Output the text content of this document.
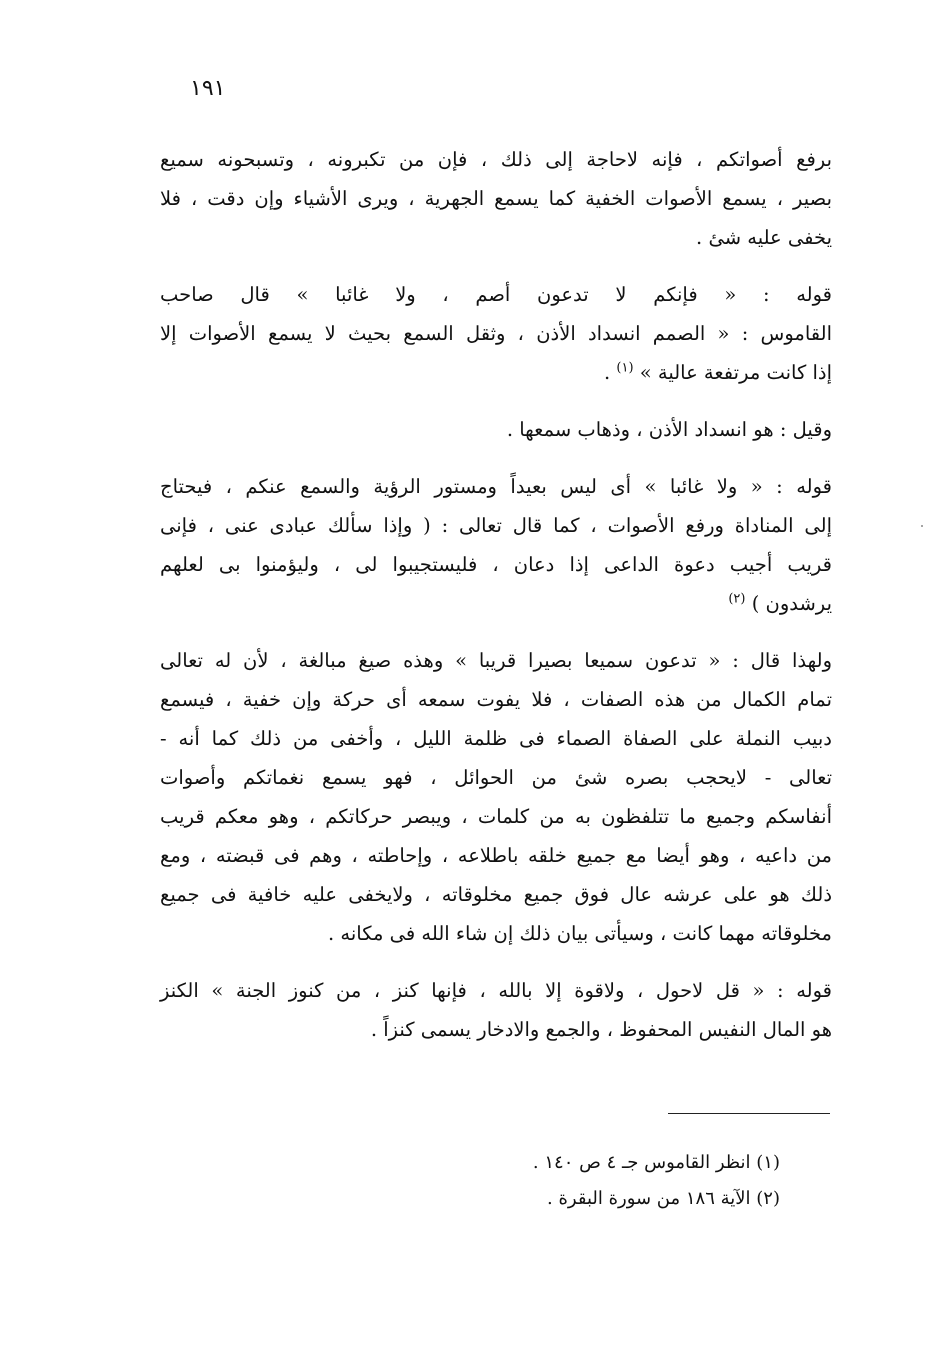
١٩١
برفع أصواتكم ، فإنه لاحاجة إلى ذلك ، فإن من تكبرونه ، وتسبحونه سميع
بصير ، يسمع الأصوات الخفية كما يسمع الجهرية ، ويرى الأشياء وإن دقت ، فلا
يخفى عليه شئ .
قوله : « فإنكم لا تدعون أصم ، ولا غائبا » قال صاحب
القاموس : « الصمم انسداد الأذن ، وثقل السمع بحيث لا يسمع الأصوات إلا
إذا كانت مرتفعة عالية » $^{(١)}$ .
وقيل : هو انسداد الأذن ، وذهاب سمعها .
قوله : « ولا غائبا » أى ليس بعيداً ومستور الرؤية والسمع عنكم ، فيحتاج
إلى المناداة ورفع الأصوات ، كما قال تعالى : ( وإذا سألك عبادى عنى ، فإنى
قريب أجيب دعوة الداعى إذا دعان ، فليستجيبوا لى ، وليؤمنوا بى لعلهم
يرشدون ) $^{(٢)}$
ولهذا قال : « تدعون سميعا بصيرا قريبا » وهذه صيغ مبالغة ، لأن له تعالى
تمام الكمال من هذه الصفات ، فلا يفوت سمعه أى حركة وإن خفية ، فيسمع
دبيب النملة على الصفاة الصماء فى ظلمة الليل ، وأخفى من ذلك كما أنه -
تعالى - لايحجب بصره شئ من الحوائل ، فهو يسمع نغماتكم وأصوات
أنفاسكم وجميع ما تتلفظون به من كلمات ، ويبصر حركاتكم ، وهو معكم قريب
من داعيه ، وهو أيضا مع جميع خلقه باطلاعه ، وإحاطته ، وهم فى قبضته ، ومع
ذلك هو على عرشه عال فوق جميع مخلوقاته ، ولايخفى عليه خافية فى جميع
مخلوقاته مهما كانت ، وسيأتى بيان ذلك إن شاء الله فى مكانه .
قوله : « قل لاحول ، ولاقوة إلا بالله ، فإنها كنز ، من كنوز الجنة » الكنز
هو المال النفيس المحفوظ ، والجمع والادخار يسمى كنزاً .
(١) انظر القاموس جـ ٤ ص ١٤٠ .
(٢) الآية ١٨٦ من سورة البقرة .
